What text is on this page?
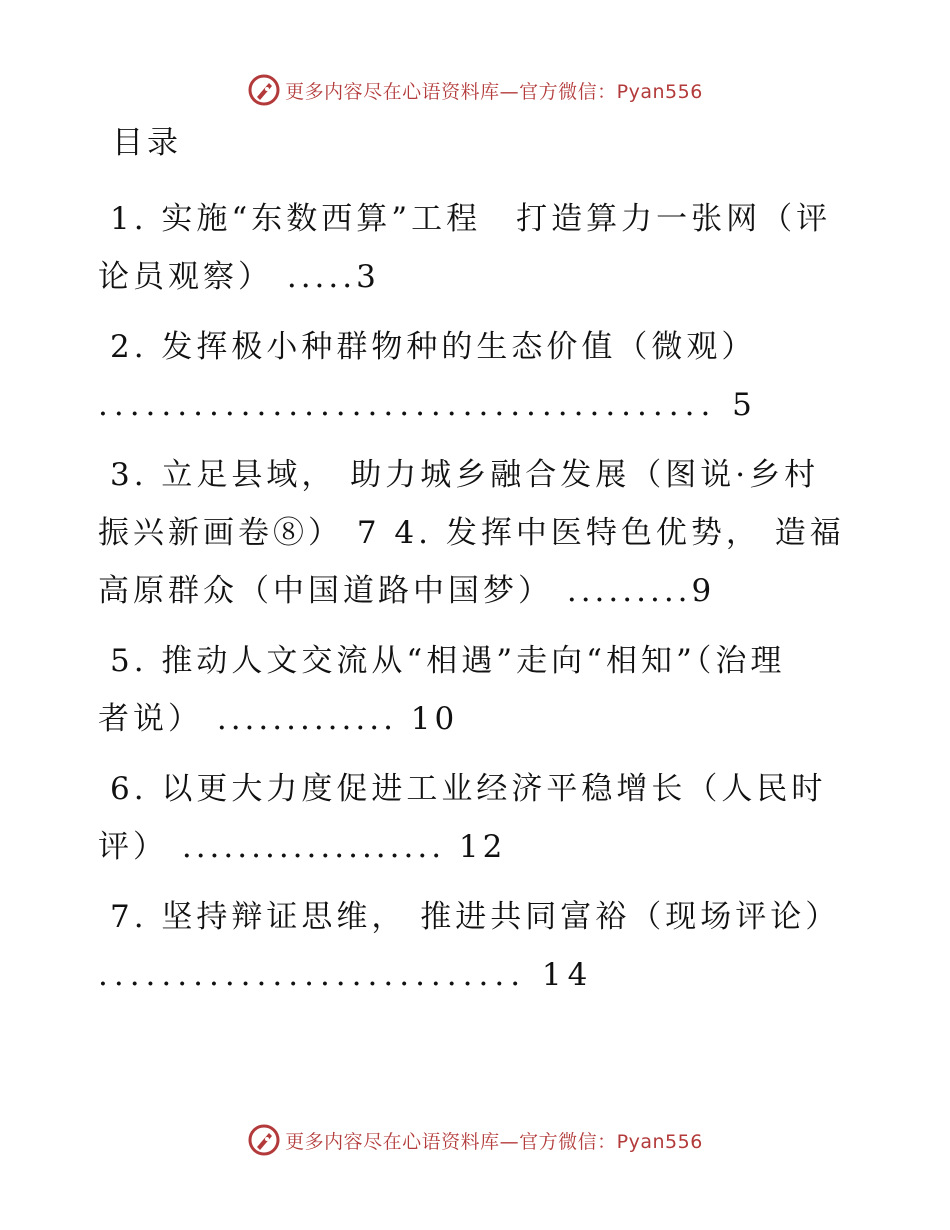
更多内容尽在心语资料库—官方微信：Pyan556
目录
1. 实施“东数西算”工程　打造算力一张网（评
论员观察） .....3
2. 发挥极小种群物种的生态价值（微观）
....................................... 5
3. 立足县域， 助力城乡融合发展（图说·乡村
振兴新画卷⑧） 7 4. 发挥中医特色优势， 造福
高原群众（中国道路中国梦） .........9
5. 推动人文交流从“相遇”走向“相知”（治理
者说） ............. 10
6. 以更大力度促进工业经济平稳增长（人民时
评） ................... 12
7. 坚持辩证思维， 推进共同富裕（现场评论）
........................... 14
更多内容尽在心语资料库—官方微信：Pyan556
